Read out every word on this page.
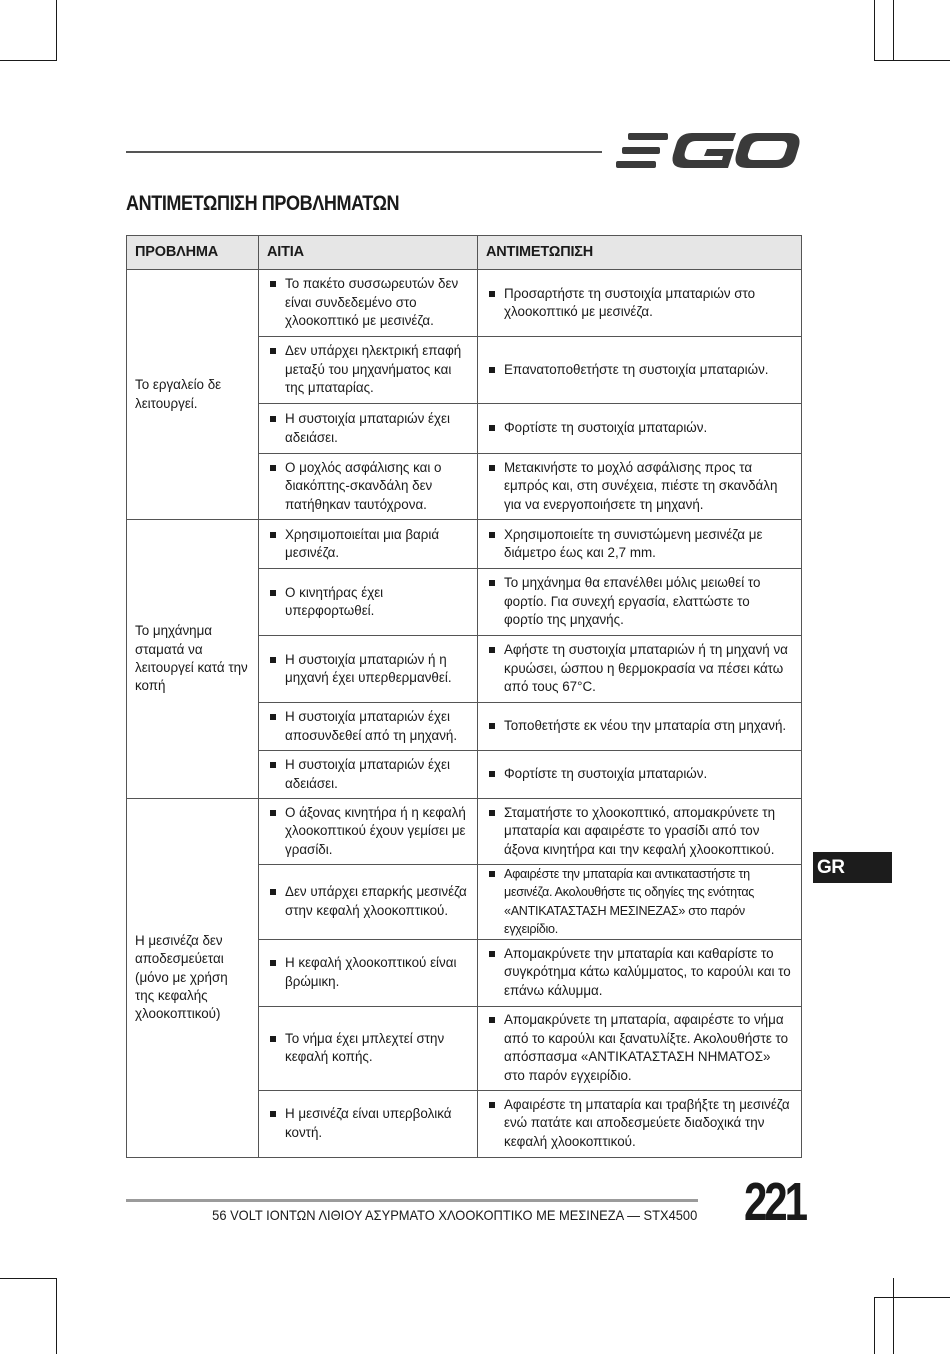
ΑΝΤΙΜΕΤΩΠΙΣΗ ΠΡΟΒΛΗΜΑΤΩΝ
ΠΡΟΒΛΗΜΑ	ΑΙΤΙΑ	ΑΝΤΙΜΕΤΩΠΙΣΗ
Το εργαλείο δε λειτουργεί.	Το πακέτο συσσωρευτών δεν είναι συνδεδεμένο στο χλοοκοπτικό με μεσινέζα.	Προσαρτήστε τη συστοιχία μπαταριών στο χλοοκοπτικό με μεσινέζα.

	Δεν υπάρχει ηλεκτρική επαφή μεταξύ του μηχανήματος και της μπαταρίας.	Επανατοποθετήστε τη συστοιχία μπαταριών.

	Η συστοιχία μπαταριών έχει αδειάσει.	Φορτίστε τη συστοιχία μπαταριών.

	Ο μοχλός ασφάλισης και ο διακόπτης-σκανδάλη δεν πατήθηκαν ταυτόχρονα.	Μετακινήστε το μοχλό ασφάλισης προς τα εμπρός και, στη συνέχεια, πιέστε τη σκανδάλη για να ενεργοποιήσετε τη μηχανή.

Το μηχάνημα σταματά να λειτουργεί κατά την κοπή	Χρησιμοποιείται μια βαριά μεσινέζα.	Χρησιμοποιείτε τη συνιστώμενη μεσινέζα με διάμετρο έως και 2,7 mm.

	Ο κινητήρας έχει υπερφορτωθεί.	Το μηχάνημα θα επανέλθει μόλις μειωθεί το φορτίο. Για συνεχή εργασία, ελαττώστε το φορτίο της μηχανής.

	Η συστοιχία μπαταριών ή η μηχανή έχει υπερθερμανθεί.	Αφήστε τη συστοιχία μπαταριών ή τη μηχανή να κρυώσει, ώσπου η θερμοκρασία να πέσει κάτω από τους 67°C.

	Η συστοιχία μπαταριών έχει αποσυνδεθεί από τη μηχανή.	Τοποθετήστε εκ νέου την μπαταρία στη μηχανή.

	Η συστοιχία μπαταριών έχει αδειάσει.	Φορτίστε τη συστοιχία μπαταριών.

Η μεσινέζα δεν αποδεσμεύεται (μόνο με χρήση της κεφαλής χλοοκοπτικού)	Ο άξονας κινητήρα ή η κεφαλή χλοοκοπτικού έχουν γεμίσει με γρασίδι.	Σταματήστε το χλοοκοπτικό, απομακρύνετε τη μπαταρία και αφαιρέστε το γρασίδι από τον άξονα κινητήρα και την κεφαλή χλοοκοπτικού.

	Δεν υπάρχει επαρκής μεσινέζα στην κεφαλή χλοοκοπτικού.	Αφαιρέστε την μπαταρία και αντικαταστήστε τη μεσινέζα. Ακολουθήστε τις οδηγίες της ενότητας «ΑΝΤΙΚΑΤΑΣΤΑΣΗ ΜΕΣΙΝΕΖΑΣ» στο παρόν εγχειρίδιο.

	Η κεφαλή χλοοκοπτικού είναι βρώμικη.	Απομακρύνετε την μπαταρία και καθαρίστε το συγκρότημα κάτω καλύμματος, το καρούλι και το επάνω κάλυμμα.

	Το νήμα έχει μπλεχτεί στην κεφαλή κοπής.	Απομακρύνετε τη μπαταρία, αφαιρέστε το νήμα από το καρούλι και ξανατυλίξτε. Ακολουθήστε το απόσπασμα «ΑΝΤΙΚΑΤΑΣΤΑΣΗ ΝΗΜΑΤΟΣ» στο παρόν εγχειρίδιο.

	Η μεσινέζα είναι υπερβολικά κοντή.	Αφαιρέστε τη μπαταρία και τραβήξτε τη μεσινέζα ενώ πατάτε και αποδεσμεύετε διαδοχικά την κεφαλή χλοοκοπτικού.
GR
56 VOLT ΙΟΝΤΩΝ ΛΙΘΙΟΥ ΑΣΥΡΜΑΤΟ ΧΛΟΟΚΟΠΤΙΚΟ ΜΕ ΜΕΣΙΝΕΖΑ — STX4500 221
